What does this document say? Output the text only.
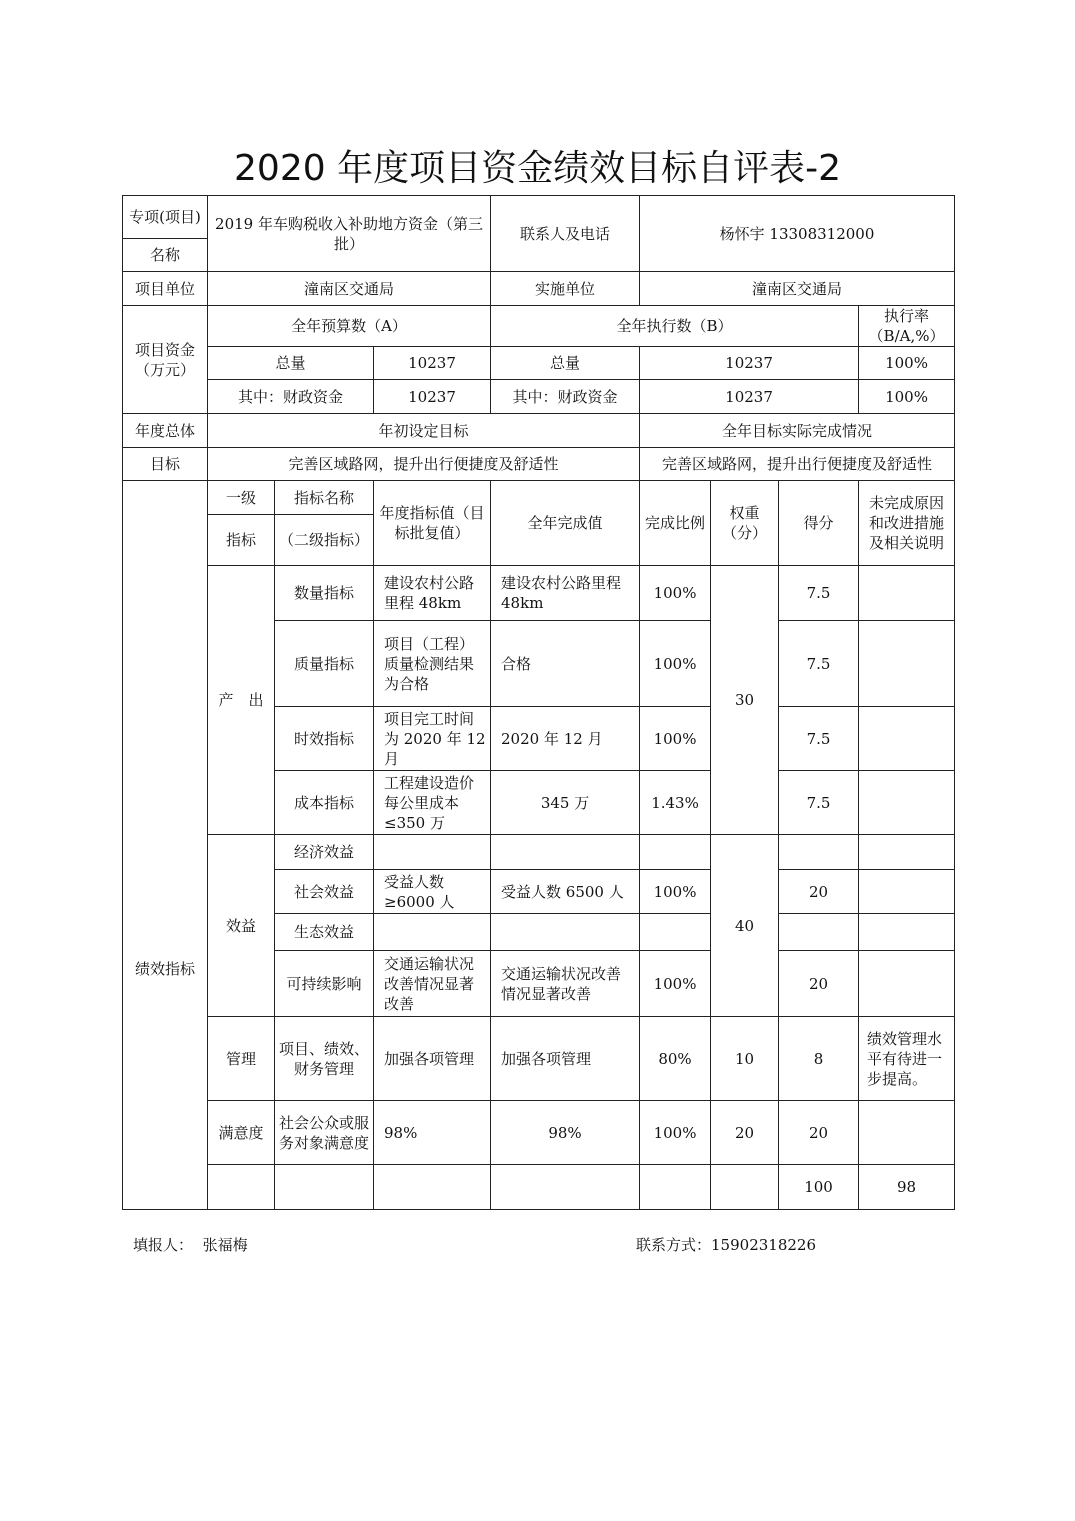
2020 年度项目资金绩效目标自评表-2
专项(项目)	2019 年车购税收入补助地方资金（第三批）			联系人及电话	杨怀宇 13308312000				
名称									
项目单位	潼南区交通局			实施单位	潼南区交通局				
项目资金（万元）	全年预算数（A）			全年执行数（B）				执行率（B/A,%）	
	总量		10237	总量	10237			100%	
	其中：财政资金		10237	其中：财政资金	10237			100%	
年度总体	年初设定目标				全年目标实际完成情况				
目标	完善区域路网，提升出行便捷度及舒适性				完善区域路网，提升出行便捷度及舒适性				
绩效指标	一级	指标名称	年度指标值（目标批复值）	全年完成值	完成比例	权重（分）	得分	未完成原因和改进措施及相关说明	
	指标	（二级指标）							
	产　出	数量指标	建设农村公路里程 48km	建设农村公路里程 48km	100%	30	7.5		
		质量指标	项目（工程）质量检测结果为合格	合格	100%		7.5		
		时效指标	项目完工时间为 2020 年 12 月	2020 年 12 月	100%		7.5		
		成本指标	工程建设造价每公里成本≤350 万	345 万	1.43%		7.5		
	效益	经济效益				40			
		社会效益	受益人数≥6000 人	受益人数 6500 人	100%		20		
		生态效益							
		可持续影响	交通运输状况改善情况显著改善	交通运输状况改善情况显著改善	100%		20		
	管理	项目、绩效、财务管理	加强各项管理	加强各项管理	80%	10	8	绩效管理水平有待进一步提高。	
	满意度	社会公众或服务对象满意度	98%	98%	100%	20	20		
							100	98	
填报人： 张福梅	联系方式：15902318226
